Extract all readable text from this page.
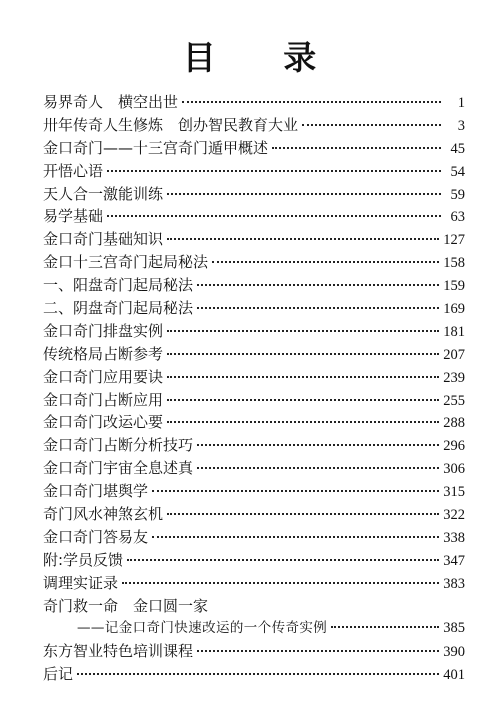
目 录
易界奇人　横空出世	1
卅年传奇人生修炼　创办智民教育大业	3
金口奇门——十三宫奇门遁甲概述	45
开悟心语	54
天人合一激能训练	59
易学基础	63
金口奇门基础知识	127
金口十三宫奇门起局秘法	158
一、阳盘奇门起局秘法	159
二、阴盘奇门起局秘法	169
金口奇门排盘实例	181
传统格局占断参考	207
金口奇门应用要诀	239
金口奇门占断应用	255
金口奇门改运心要	288
金口奇门占断分析技巧	296
金口奇门宇宙全息述真	306
金口奇门堪舆学	315
奇门风水神煞玄机	322
金口奇门答易友	338
附:学员反馈	347
调理实证录	383
奇门救一命　金口圆一家
——记金口奇门快速改运的一个传奇实例	385
东方智业特色培训课程	390
后记	401
